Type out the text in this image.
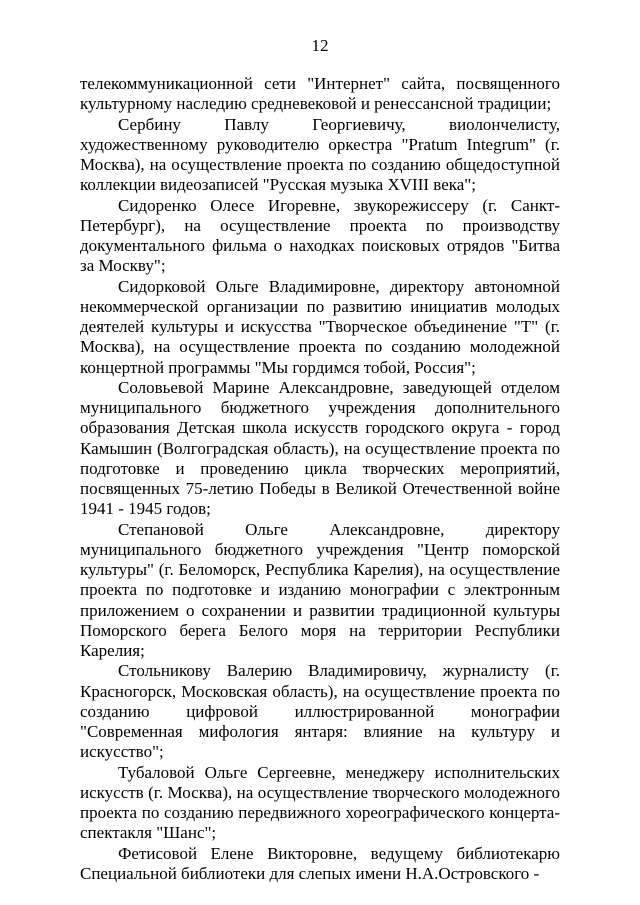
12

телекоммуникационной сети "Интернет" сайта, посвященного культурному наследию средневековой и ренессансной традиции;

Сербину Павлу Георгиевичу, виолончелисту, художественному руководителю оркестра "Pratum Integrum" (г. Москва), на осуществление проекта по созданию общедоступной коллекции видеозаписей "Русская музыка XVIII века";

Сидоренко Олесе Игоревне, звукорежиссеру (г. Санкт-Петербург), на осуществление проекта по производству документального фильма о находках поисковых отрядов "Битва за Москву";

Сидорковой Ольге Владимировне, директору автономной некоммерческой организации по развитию инициатив молодых деятелей культуры и искусства "Творческое объединение "Т" (г. Москва), на осуществление проекта по созданию молодежной концертной программы "Мы гордимся тобой, Россия";

Соловьевой Марине Александровне, заведующей отделом муниципального бюджетного учреждения дополнительного образования Детская школа искусств городского округа - город Камышин (Волгоградская область), на осуществление проекта по подготовке и проведению цикла творческих мероприятий, посвященных 75-летию Победы в Великой Отечественной войне 1941 - 1945 годов;

Степановой Ольге Александровне, директору муниципального бюджетного учреждения "Центр поморской культуры" (г. Беломорск, Республика Карелия), на осуществление проекта по подготовке и изданию монографии с электронным приложением о сохранении и развитии традиционной культуры Поморского берега Белого моря на территории Республики Карелия;

Стольникову Валерию Владимировичу, журналисту (г. Красногорск, Московская область), на осуществление проекта по созданию цифровой иллюстрированной монографии "Современная мифология янтаря: влияние на культуру и искусство";

Тубаловой Ольге Сергеевне, менеджеру исполнительских искусств (г. Москва), на осуществление творческого молодежного проекта по созданию передвижного хореографического концерта-спектакля "Шанс";

Фетисовой Елене Викторовне, ведущему библиотекарю Специальной библиотеки для слепых имени Н.А.Островского -
